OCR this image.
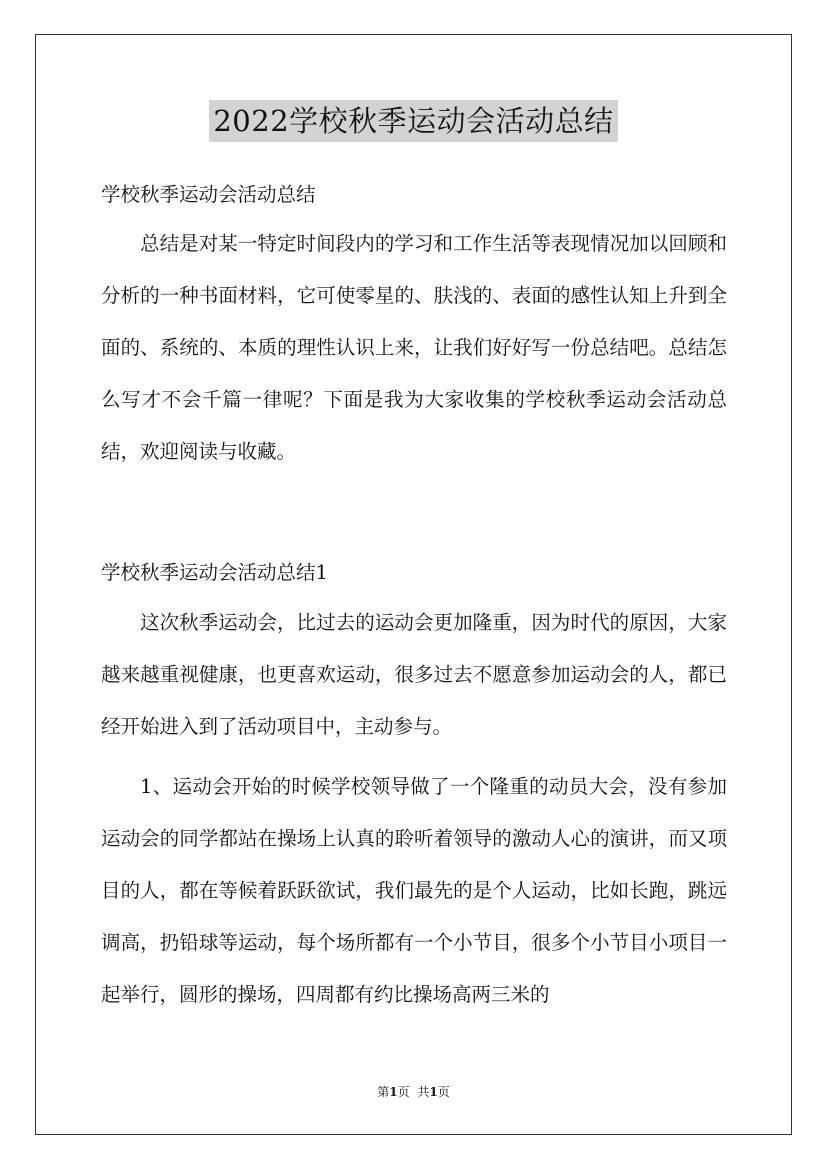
2022学校秋季运动会活动总结

学校秋季运动会活动总结

总结是对某一特定时间段内的学习和工作生活等表现情况加以回顾和分析的一种书面材料，它可使零星的、肤浅的、表面的感性认知上升到全面的、系统的、本质的理性认识上来，让我们好好写一份总结吧。总结怎么写才不会千篇一律呢？下面是我为大家收集的学校秋季运动会活动总结，欢迎阅读与收藏。

学校秋季运动会活动总结1

这次秋季运动会，比过去的运动会更加隆重，因为时代的原因，大家越来越重视健康，也更喜欢运动，很多过去不愿意参加运动会的人，都已经开始进入到了活动项目中，主动参与。

1、运动会开始的时候学校领导做了一个隆重的动员大会，没有参加运动会的同学都站在操场上认真的聆听着领导的激动人心的演讲，而又项目的人，都在等候着跃跃欲试，我们最先的是个人运动，比如长跑，跳远调高，扔铅球等运动，每个场所都有一个小节目，很多个小节目小项目一起举行，圆形的操场，四周都有约比操场高两三米的

第1页 共1页
